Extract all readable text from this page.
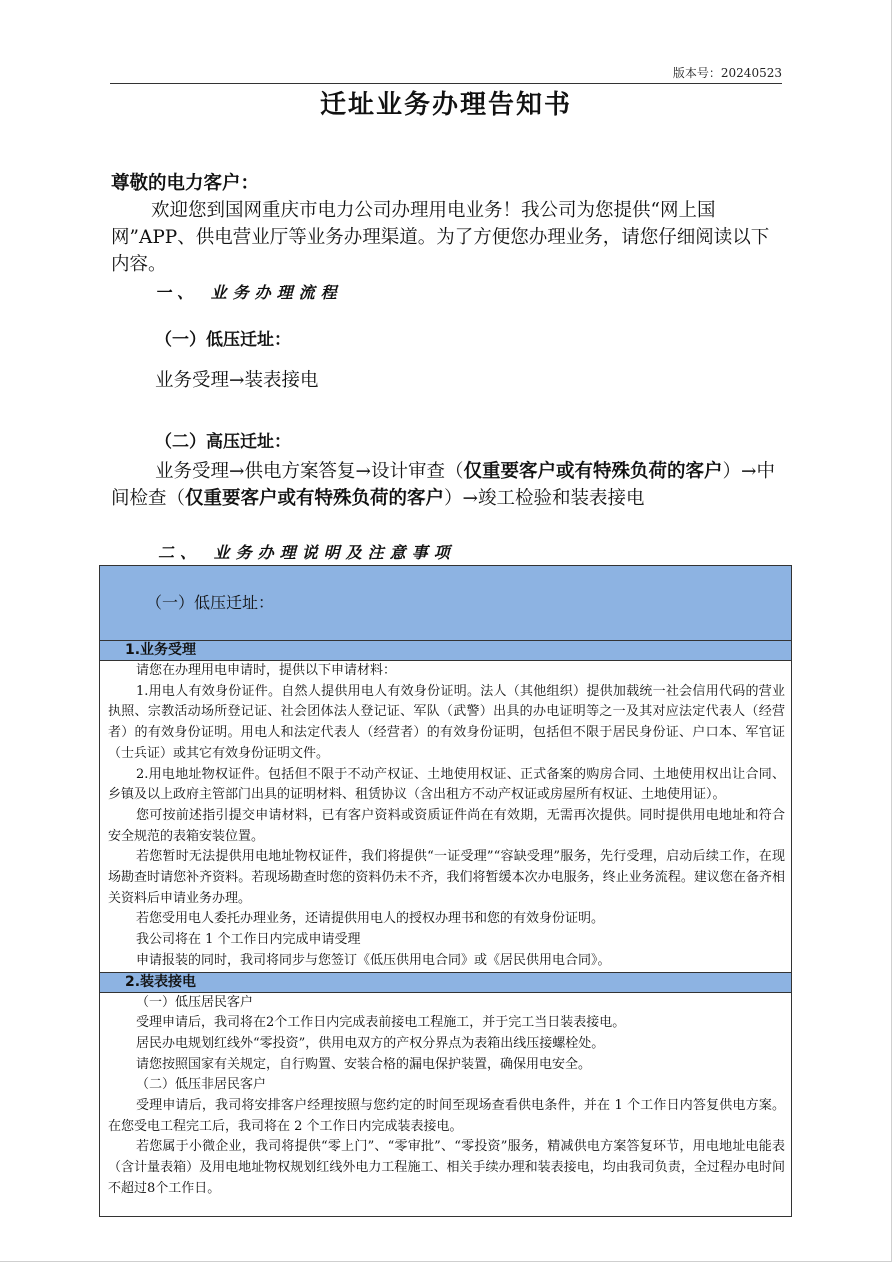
版本号：20240523
迁址业务办理告知书
尊敬的电力客户：
欢迎您到国网重庆市电力公司办理用电业务！我公司为您提供“网上国网”APP、供电营业厅等业务办理渠道。为了方便您办理业务，请您仔细阅读以下内容。
一、 业务办理流程
（一）低压迁址：
业务受理→装表接电
（二）高压迁址：
业务受理→供电方案答复→设计审查（仅重要客户或有特殊负荷的客户）→中间检查（仅重要客户或有特殊负荷的客户）→竣工检验和装表接电
二、 业务办理说明及注意事项
（一）低压迁址：
1.业务受理

请您在办理用电申请时，提供以下申请材料：

1.用电人有效身份证件。自然人提供用电人有效身份证明。法人（其他组织）提供加载统一社会信用代码的营业执照、宗教活动场所登记证、社会团体法人登记证、军队（武警）出具的办电证明等之一及其对应法定代表人（经营者）的有效身份证明。用电人和法定代表人（经营者）的有效身份证明，包括但不限于居民身份证、户口本、军官证（士兵证）或其它有效身份证明文件。

2.用电地址物权证件。包括但不限于不动产权证、土地使用权证、正式备案的购房合同、土地使用权出让合同、乡镇及以上政府主管部门出具的证明材料、租赁协议（含出租方不动产权证或房屋所有权证、土地使用证）。

您可按前述指引提交申请材料，已有客户资料或资质证件尚在有效期，无需再次提供。同时提供用电地址和符合安全规范的表箱安装位置。

若您暂时无法提供用电地址物权证件，我们将提供“一证受理”“容缺受理”服务，先行受理，启动后续工作，在现场勘查时请您补齐资料。若现场勘查时您的资料仍未不齐，我们将暂缓本次办电服务，终止业务流程。建议您在备齐相关资料后申请业务办理。

若您受用电人委托办理业务，还请提供用电人的授权办理书和您的有效身份证明。

我公司将在 1 个工作日内完成申请受理

申请报装的同时，我司将同步与您签订《低压供用电合同》或《居民供用电合同》。

2.装表接电

（一）低压居民客户

受理申请后，我司将在2个工作日内完成表前接电工程施工，并于完工当日装表接电。

居民办电规划红线外“零投资”，供用电双方的产权分界点为表箱出线压接螺栓处。

请您按照国家有关规定，自行购置、安装合格的漏电保护装置，确保用电安全。

（二）低压非居民客户

受理申请后，我司将安排客户经理按照与您约定的时间至现场查看供电条件，并在 1 个工作日内答复供电方案。在您受电工程完工后，我司将在 2 个工作日内完成装表接电。

若您属于小微企业，我司将提供“零上门”、“零审批”、“零投资”服务，精减供电方案答复环节，用电地址电能表（含计量表箱）及用电地址物权规划红线外电力工程施工、相关手续办理和装表接电，均由我司负责，全过程办电时间不超过8个工作日。
